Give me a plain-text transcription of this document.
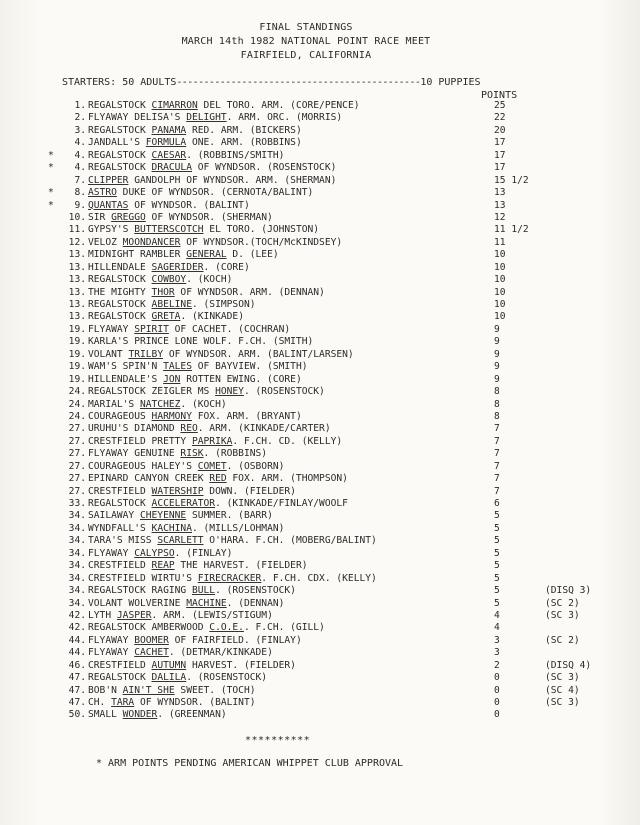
FINAL STANDINGS
MARCH 14th 1982 NATIONAL POINT RACE MEET
FAIRFIELD, CALIFORNIA
STARTERS: 50 ADULTS---------------------------------------------10 PUPPIES
POINTS
1. REGALSTOCK CIMARRON DEL TORO. ARM. (CORE/PENCE)	25
2. FLYAWAY DELISA'S DELIGHT. ARM. ORC. (MORRIS)	22
3. REGALSTOCK PANAMA RED. ARM. (BICKERS)	20
4. JANDALL'S FORMULA ONE. ARM. (ROBBINS)	17
*	4. REGALSTOCK CAESAR. (ROBBINS/SMITH)	17
*	4. REGALSTOCK DRACULA OF WYNDSOR. (ROSENSTOCK)	17
7. CLIPPER GANDOLPH OF WYNDSOR. ARM. (SHERMAN)	15 1/2
*	8. ASTRO DUKE OF WYNDSOR. (CERNOTA/BALINT)	13
*	9. QUANTAS OF WYNDSOR. (BALINT)	13
10. SIR GREGGO OF WYNDSOR. (SHERMAN)	12
11. GYPSY'S BUTTERSCOTCH EL TORO. (JOHNSTON)	11 1/2
12. VELOZ MOONDANCER OF WYNDSOR.(TOCH/McKINDSEY)	11
13. MIDNIGHT RAMBLER GENERAL D. (LEE)	10
13. HILLENDALE SAGERIDER. (CORE)	10
13. REGALSTOCK COWBOY. (KOCH)	10
13. THE MIGHTY THOR OF WYNDSOR. ARM. (DENNAN)	10
13. REGALSTOCK ABELINE. (SIMPSON)	10
13. REGALSTOCK GRETA. (KINKADE)	10
19. FLYAWAY SPIRIT OF CACHET. (COCHRAN)	9
19. KARLA'S PRINCE LONE WOLF. F.CH. (SMITH)	9
19. VOLANT TRILBY OF WYNDSOR. ARM. (BALINT/LARSEN)	9
19. WAM'S SPIN'N TALES OF BAYVIEW. (SMITH)	9
19. HILLENDALE'S JON ROTTEN EWING. (CORE)	9
24. REGALSTOCK ZEIGLER MS HONEY. (ROSENSTOCK)	8
24. MARIAL'S NATCHEZ. (KOCH)	8
24. COURAGEOUS HARMONY FOX. ARM. (BRYANT)	8
27. URUHU'S DIAMOND REO. ARM. (KINKADE/CARTER)	7
27. CRESTFIELD PRETTY PAPRIKA. F.CH. CD. (KELLY)	7
27. FLYAWAY GENUINE RISK. (ROBBINS)	7
27. COURAGEOUS HALEY'S COMET. (OSBORN)	7
27. EPINARD CANYON CREEK RED FOX. ARM. (THOMPSON)	7
27. CRESTFIELD WATERSHIP DOWN. (FIELDER)	7
33. REGALSTOCK ACCELERATOR. (KINKADE/FINLAY/WOOLF	6
34. SAILAWAY CHEYENNE SUMMER. (BARR)	5
34. WYNDFALL'S KACHINA. (MILLS/LOHMAN)	5
34. TARA'S MISS SCARLETT O'HARA. F.CH. (MOBERG/BALINT)	5
34. FLYAWAY CALYPSO. (FINLAY)	5
34. CRESTFIELD REAP THE HARVEST. (FIELDER)	5
34. CRESTFIELD WIRTU'S FIRECRACKER. F.CH. CDX. (KELLY)	5
34. REGALSTOCK RAGING BULL. (ROSENSTOCK)	5	(DISQ 3)
34. VOLANT WOLVERINE MACHINE. (DENNAN)	5	(SC 2)
42. LYTH JASPER. ARM. (LEWIS/STIGUM)	4	(SC 3)
42. REGALSTOCK AMBERWOOD C.O.E.. F.CH. (GILL)	4
44. FLYAWAY BOOMER OF FAIRFIELD. (FINLAY)	3	(SC 2)
44. FLYAWAY CACHET. (DETMAR/KINKADE)	3
46. CRESTFIELD AUTUMN HARVEST. (FIELDER)	2	(DISQ 4)
47. REGALSTOCK DALILA. (ROSENSTOCK)	0	(SC 3)
47. BOB'N AIN'T SHE SWEET. (TOCH)	0	(SC 4)
47. CH. TARA OF WYNDSOR. (BALINT)	0	(SC 3)
50. SMALL WONDER. (GREENMAN)	0
**********
* ARM POINTS PENDING AMERICAN WHIPPET CLUB APPROVAL
